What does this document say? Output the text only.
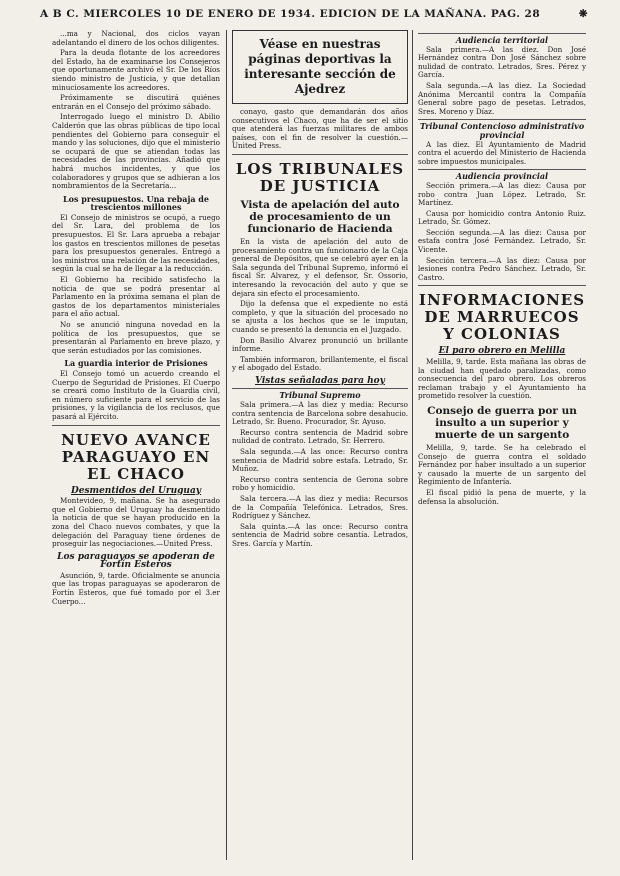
A B C. MIERCOLES 10 DE ENERO DE 1934. EDICION DE LA MAÑANA. PAG. 28	❋

...ma y Nacional, dos ciclos vayan adelantando el dinero de los ochos diligentes.

Para la deuda flotante de los acreedores del Estado, ha de examinarse los Consejeros que oportunamente archivó el Sr. De los Ríos siendo ministro de Justicia, y que detallan minuciosamente los acreedores.

Próximamente se discutirá quiénes entrarán en el Consejo del próximo sábado.

Interrogado luego el ministro D. Abilio Calderón que las obras públicas de tipo local pendientes del Gobierno para conseguir el mando y las soluciones, dijo que el ministerio se ocupará de que se atiendan todas las necesidades de las provincias. Añadió que habrá muchos incidentes, y que los colaboradores y grupos que se adhieran a los nombramientos de la Secretaría...

Los presupuestos. Una rebaja de trescientos millones

El Consejo de ministros se ocupó, a ruego del Sr. Lara, del problema de los presupuestos. El Sr. Lara aprueba a rebajar los gastos en trescientos millones de pesetas para los presupuestos generales. Entregó a los ministros una relación de las necesidades, según la cual se ha de llegar a la reducción.

El Gobierno ha recibido satisfecho la noticia de que se podrá presentar al Parlamento en la próxima semana el plan de gastos de los departamentos ministeriales para el año actual.

No se anunció ninguna novedad en la política de los presupuestos, que se presentarán al Parlamento en breve plazo, y que serán estudiados por las comisiones.

La guardia interior de Prisiones

El Consejo tomó un acuerdo creando el Cuerpo de Seguridad de Prisiones. El Cuerpo se creará como Instituto de la Guardia civil, en número suficiente para el servicio de las prisiones, y la vigilancia de los reclusos, que pasará al Ejército.

NUEVO AVANCE PARAGUAYO EN EL CHACO
Desmentidos del Uruguay

Montevideo, 9, mañana. Se ha asegurado que el Gobierno del Uruguay ha desmentido la noticia de que se hayan producido en la zona del Chaco nuevos combates, y que la delegación del Paraguay tiene órdenes de proseguir las negociaciones.—United Press.

Los paraguayos se apoderan de Fortín Esteros

Asunción, 9, tarde. Oficialmente se anuncia que las tropas paraguayas se apoderaron de Fortín Esteros, que fué tomado por el 3.er Cuerpo...

Véase en nuestras páginas deportivas la interesante sección de Ajedrez

conayo, gasto que demandarán dos años consecutivos el Chaco, que ha de ser el sitio que atenderá las fuerzas militares de ambos países, con el fin de resolver la cuestión.—United Press.

LOS TRIBUNALES DE JUSTICIA
Vista de apelación del auto de procesamiento de un funcionario de Hacienda

En la vista de apelación del auto de procesamiento contra un funcionario de la Caja general de Depósitos, que se celebró ayer en la Sala segunda del Tribunal Supremo, informó el fiscal Sr. Alvarez, y el defensor, Sr. Ossorio, interesando la revocación del auto y que se dejara sin efecto el procesamiento.

Dijo la defensa que el expediente no está completo, y que la situación del procesado no se ajusta a los hechos que se le imputan, cuando se presentó la denuncia en el Juzgado.

Don Basilio Alvarez pronunció un brillante informe.

También informaron, brillantemente, el fiscal y el abogado del Estado.

Vistas señaladas para hoy
Tribunal Supremo

Sala primera.—A las diez y media: Recurso contra sentencia de Barcelona sobre desahucio. Letrado, Sr. Bueno. Procurador, Sr. Ayuso.

Recurso contra sentencia de Madrid sobre nulidad de contrato. Letrado, Sr. Herrero.

Sala segunda.—A las once: Recurso contra sentencia de Madrid sobre estafa. Letrado, Sr. Muñoz.

Recurso contra sentencia de Gerona sobre robo y homicidio.

Sala tercera.—A las diez y media: Recursos de la Compañía Telefónica. Letrados, Sres. Rodríguez y Sánchez.

Sala quinta.—A las once: Recurso contra sentencia de Madrid sobre cesantía. Letrados, Sres. García y Martín.

Audiencia territorial

Sala primera.—A las diez. Don José Hernández contra Don José Sánchez sobre nulidad de contrato. Letrados, Sres. Pérez y García.

Sala segunda.—A las diez. La Sociedad Anónima Mercantil contra la Compañía General sobre pago de pesetas. Letrados, Sres. Moreno y Díaz.

Tribunal Contencioso administrativo provincial

A las diez. El Ayuntamiento de Madrid contra el acuerdo del Ministerio de Hacienda sobre impuestos municipales.

Audiencia provincial

Sección primera.—A las diez: Causa por robo contra Juan López. Letrado, Sr. Martínez.

Causa por homicidio contra Antonio Ruiz. Letrado, Sr. Gómez.

Sección segunda.—A las diez: Causa por estafa contra José Fernández. Letrado, Sr. Vicente.

Sección tercera.—A las diez: Causa por lesiones contra Pedro Sánchez. Letrado, Sr. Castro.

INFORMACIONES DE MARRUECOS Y COLONIAS
El paro obrero en Melilla

Melilla, 9, tarde. Esta mañana las obras de la ciudad han quedado paralizadas, como consecuencia del paro obrero. Los obreros reclaman trabajo y el Ayuntamiento ha prometido resolver la cuestión.

Consejo de guerra por un insulto a un superior y muerte de un sargento

Melilla, 9, tarde. Se ha celebrado el Consejo de guerra contra el soldado Fernández por haber insultado a un superior y causado la muerte de un sargento del Regimiento de Infantería.

El fiscal pidió la pena de muerte, y la defensa la absolución.
